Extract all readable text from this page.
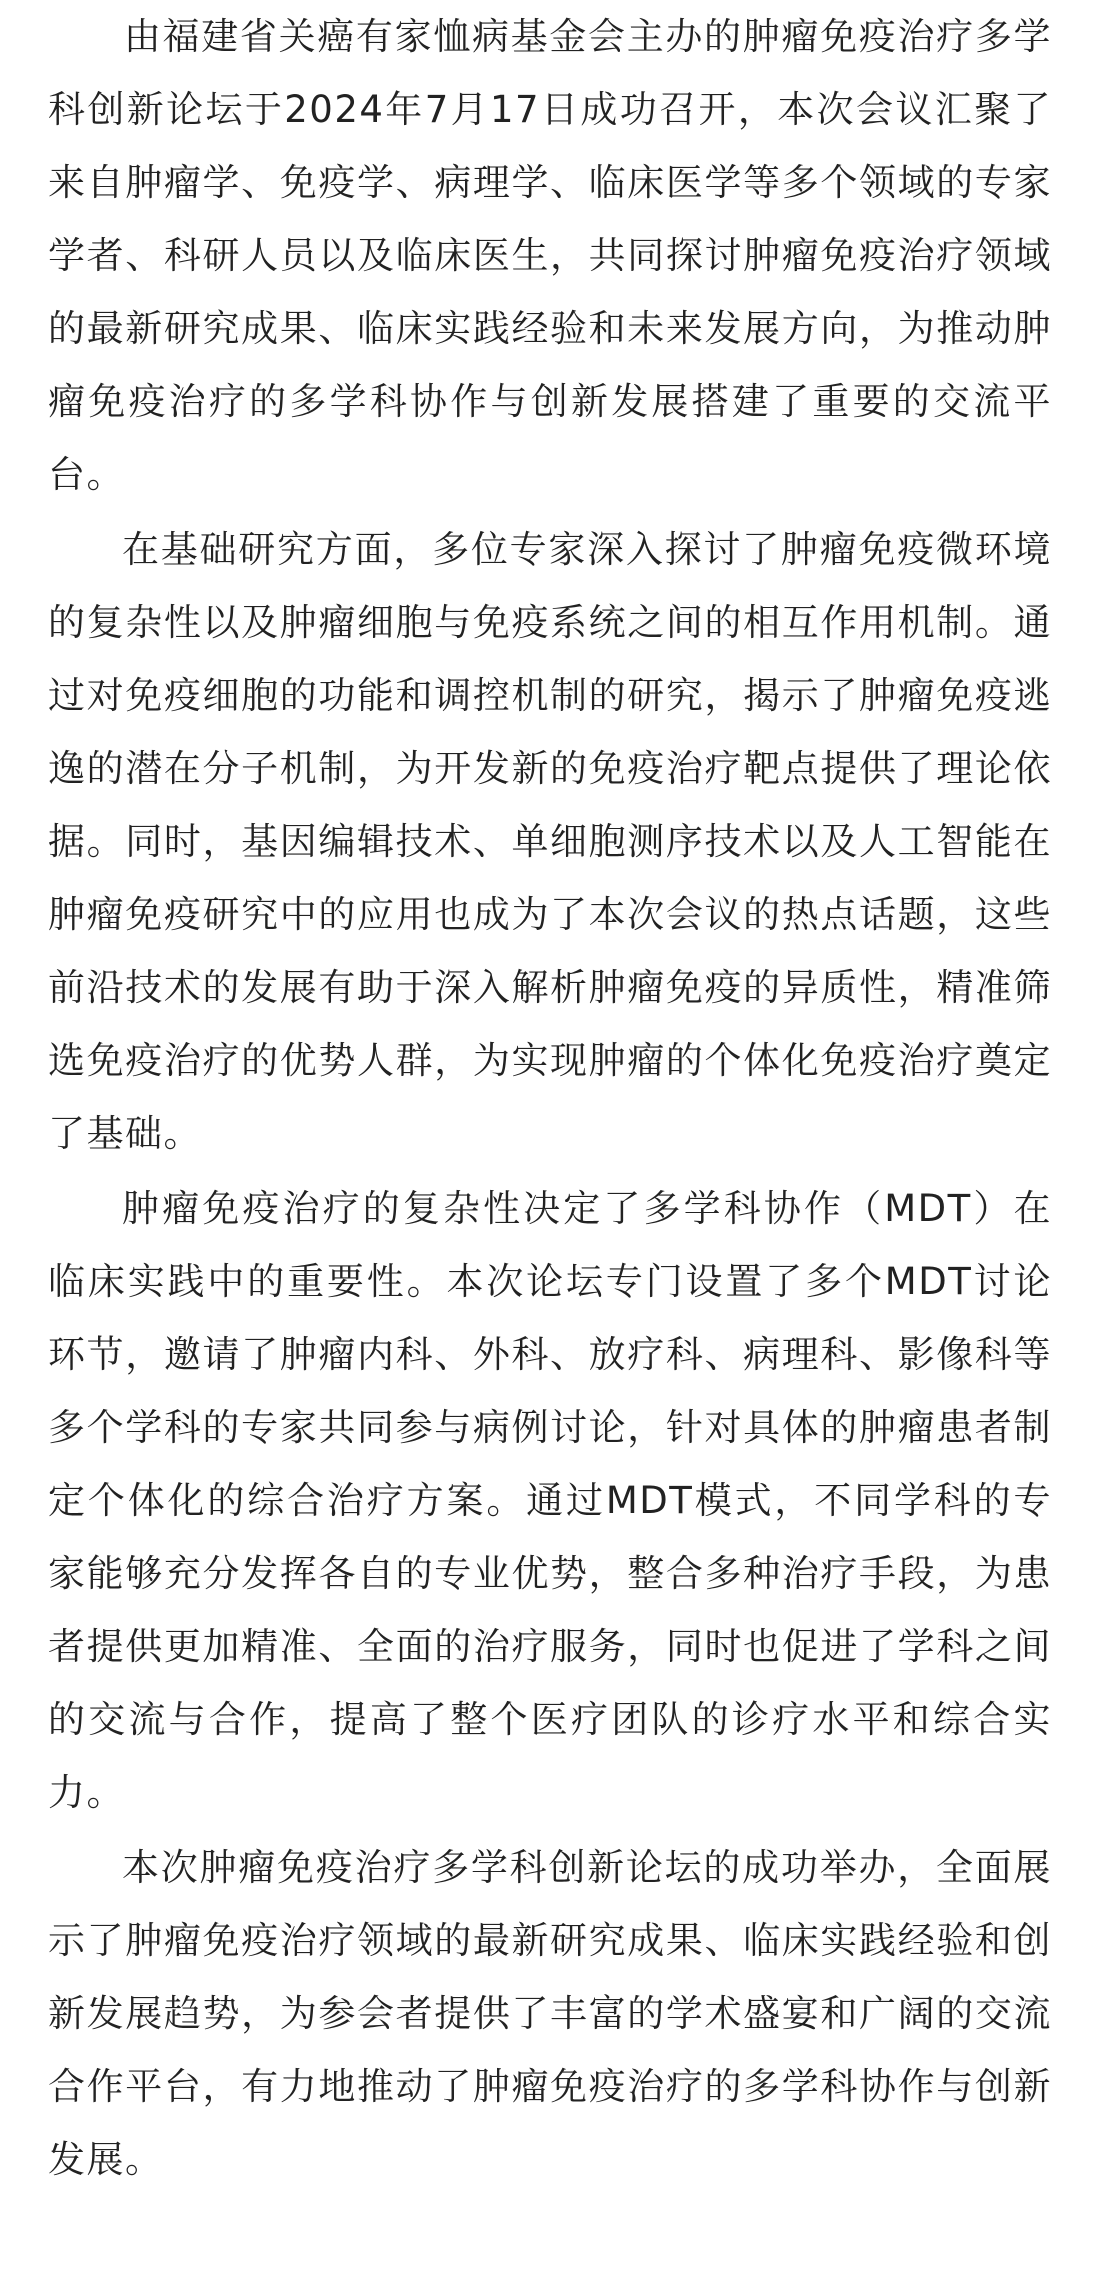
由福建省关癌有家恤病基金会主办的肿瘤免疫治疗多学科创新论坛于2024年7月17日成功召开，本次会议汇聚了来自肿瘤学、免疫学、病理学、临床医学等多个领域的专家学者、科研人员以及临床医生，共同探讨肿瘤免疫治疗领域的最新研究成果、临床实践经验和未来发展方向，为推动肿瘤免疫治疗的多学科协作与创新发展搭建了重要的交流平台。

在基础研究方面，多位专家深入探讨了肿瘤免疫微环境的复杂性以及肿瘤细胞与免疫系统之间的相互作用机制。通过对免疫细胞的功能和调控机制的研究，揭示了肿瘤免疫逃逸的潜在分子机制，为开发新的免疫治疗靶点提供了理论依据。同时，基因编辑技术、单细胞测序技术以及人工智能在肿瘤免疫研究中的应用也成为了本次会议的热点话题，这些前沿技术的发展有助于深入解析肿瘤免疫的异质性，精准筛选免疫治疗的优势人群，为实现肿瘤的个体化免疫治疗奠定了基础。

肿瘤免疫治疗的复杂性决定了多学科协作（MDT）在临床实践中的重要性。本次论坛专门设置了多个MDT讨论环节，邀请了肿瘤内科、外科、放疗科、病理科、影像科等多个学科的专家共同参与病例讨论，针对具体的肿瘤患者制定个体化的综合治疗方案。通过MDT模式，不同学科的专家能够充分发挥各自的专业优势，整合多种治疗手段，为患者提供更加精准、全面的治疗服务，同时也促进了学科之间的交流与合作，提高了整个医疗团队的诊疗水平和综合实力。

本次肿瘤免疫治疗多学科创新论坛的成功举办，全面展示了肿瘤免疫治疗领域的最新研究成果、临床实践经验和创新发展趋势，为参会者提供了丰富的学术盛宴和广阔的交流合作平台，有力地推动了肿瘤免疫治疗的多学科协作与创新发展。
